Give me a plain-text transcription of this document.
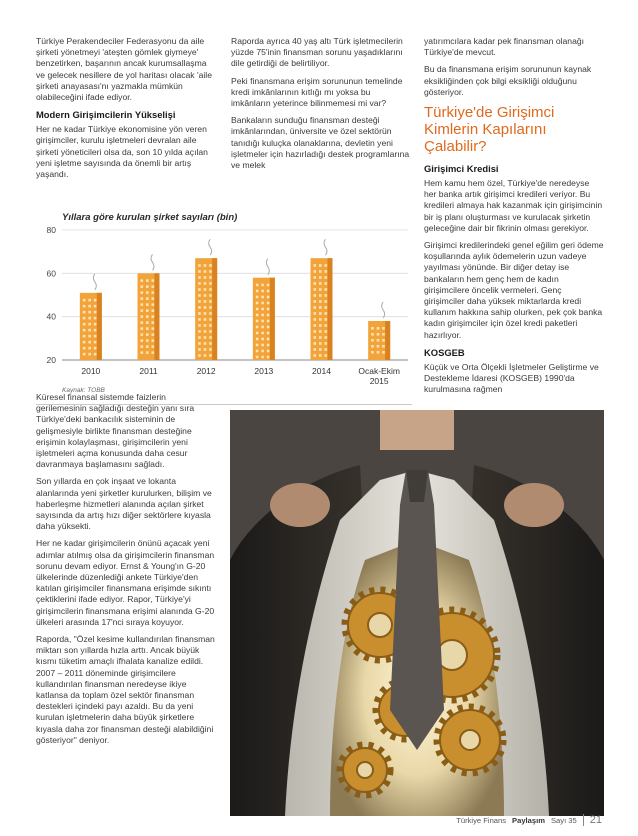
Türkiye Perakendeciler Federasyonu da aile şirketi yönetmeyi 'ateşten gömlek giymeye' benzetirken, başarının ancak kurumsallaşma ve gelecek nesillere de yol haritası olacak 'aile şirketi anayasası'nı yazmakla mümkün olabileceğini ifade ediyor.

Modern Girişimcilerin Yükselişi

Her ne kadar Türkiye ekonomisine yön veren girişimciler, kurulu işletmeleri devralan aile şirketi yöneticileri olsa da, son 10 yılda açılan yeni işletme sayısında da önemli bir artış yaşandı.

Raporda ayrıca 40 yaş altı Türk işletmecilerin yüzde 75'inin finansman sorunu yaşadıklarını dile getirdiği de belirtiliyor.

Peki finansmana erişim sorununun temelinde kredi imkânlarının kıtlığı mı yoksa bu imkânların yeterince bilinmemesi mi var?

Bankaların sunduğu finansman desteği imkânlarından, üniversite ve özel sektörün tanıdığı kuluçka olanaklarına, devletin yeni işletmeler için hazırladığı destek programlarına ve melek

yatırımcılara kadar pek finansman olanağı Türkiye'de mevcut.

Bu da finansmana erişim sorununun kaynak eksikliğinden çok bilgi eksikliği olduğunu gösteriyor.

Türkiye'de Girişimci Kimlerin Kapılarını Çalabilir?
Girişimci Kredisi

Hem kamu hem özel, Türkiye'de neredeyse her banka artık girişimci kredileri veriyor. Bu kredileri almaya hak kazanmak için girişimcinin bir iş planı oluşturması ve kurulacak şirketin geleceğine dair bir fikrinin olması gerekiyor.

Girişimci kredilerindeki genel eğilim geri ödeme koşullarında aylık ödemelerin uzun vadeye yayılması yönünde. Bir diğer detay ise bankaların hem genç hem de kadın girişimcilere öncelik vermeleri. Genç girişimciler daha yüksek miktarlarda kredi kullanım hakkına sahip olurken, pek çok banka kadın girişimciler için özel kredi paketleri hazırlıyor.

KOSGEB

Küçük ve Orta Ölçekli İşletmeler Geliştirme ve Destekleme İdaresi (KOSGEB) 1990'da kurulmasına rağmen

Yıllara göre kurulan şirket sayıları (bin)
20
40
60
80
2010	2011	2012	2013	2014	Ocak-Ekim
2015
Kaynak: TOBB

Küresel finansal sistemde faizlerin gerilemesinin sağladığı desteğin yanı sıra Türkiye'deki bankacılık sisteminin de gelişmesiyle birlikte finansman desteğine erişimin kolaylaşması, girişimcilerin yeni işletmeleri açma konusunda daha cesur davranmaya başlamasını sağladı.

Son yıllarda en çok inşaat ve lokanta alanlarında yeni şirketler kurulurken, bilişim ve haberleşme hizmetleri alanında açılan şirket sayısında da artış hızı diğer sektörlere kıyasla daha yüksekti.

Her ne kadar girişimcilerin önünü açacak yeni adımlar atılmış olsa da girişimcilerin finansman sorunu devam ediyor. Ernst & Young'ın G-20 ülkelerinde düzenlediği ankete Türkiye'den katılan girişimciler finansmana erişimde sıkıntı çektiklerini ifade ediyor. Rapor, Türkiye'yi girişimcilerin finansmana erişimi alanında G-20 ülkeleri arasında 17'nci sıraya koyuyor.

Raporda, "Özel kesime kullandırılan finansman miktarı son yıllarda hızla arttı. Ancak büyük kısmı tüketim amaçlı ifhalata kanalize edildi. 2007 – 2011 döneminde girişimcilere kullandırılan finansman neredeyse ikiye katlansa da toplam özel sektör finansman destekleri içindeki payı azaldı. Bu da yeni kurulan işletmelerin daha büyük şirketlere kıyasla daha zor finansman desteği alabildiğini gösteriyor" deniyor.

Türkiye Finans Paylaşım Sayı 35 21
